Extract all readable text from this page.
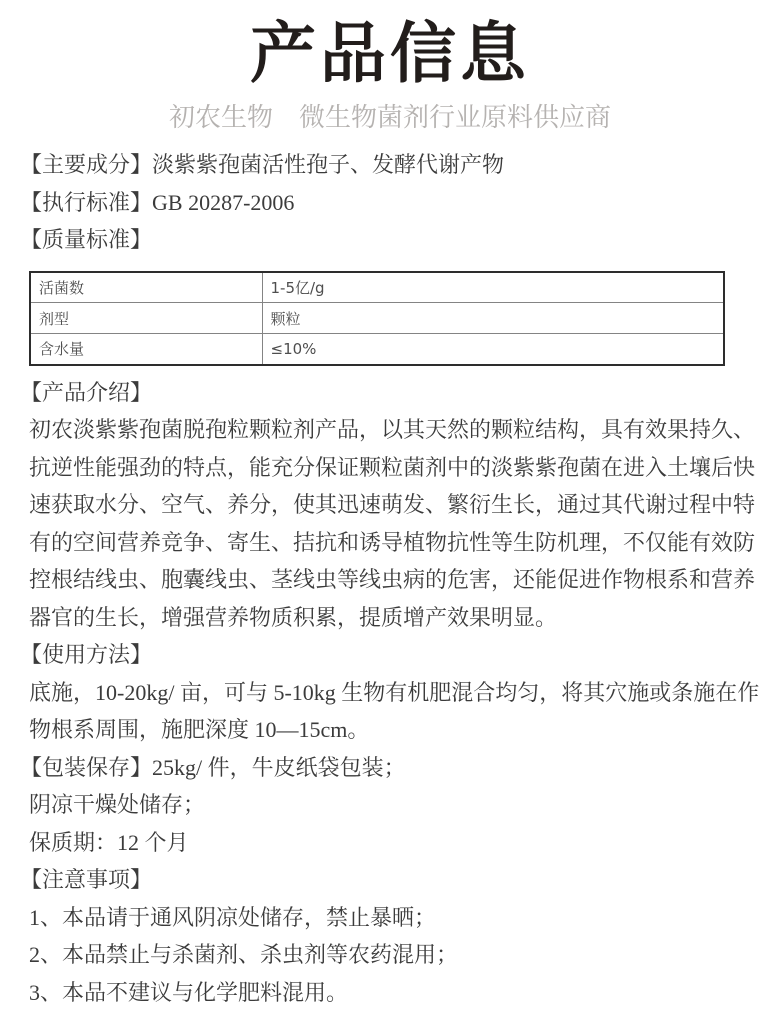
产品信息
初农生物　微生物菌剂行业原料供应商
【主要成分】淡紫紫孢菌活性孢子、发酵代谢产物
【执行标准】GB 20287-2006
【质量标准】
活菌数	1-5亿/g
剂型	颗粒
含水量	≤10%
【产品介绍】
初农淡紫紫孢菌脱孢粒颗粒剂产品，以其天然的颗粒结构，具有效果持久、
抗逆性能强劲的特点，能充分保证颗粒菌剂中的淡紫紫孢菌在进入土壤后快
速获取水分、空气、养分，使其迅速萌发、繁衍生长，通过其代谢过程中特
有的空间营养竞争、寄生、拮抗和诱导植物抗性等生防机理，不仅能有效防
控根结线虫、胞囊线虫、茎线虫等线虫病的危害，还能促进作物根系和营养
器官的生长，增强营养物质积累，提质增产效果明显。
【使用方法】
底施，10-20kg/ 亩，可与 5-10kg 生物有机肥混合均匀，将其穴施或条施在作
物根系周围，施肥深度 10—15cm。
【包装保存】25kg/ 件，牛皮纸袋包装；
阴凉干燥处储存；
保质期：12 个月
【注意事项】
1、本品请于通风阴凉处储存，禁止暴晒；
2、本品禁止与杀菌剂、杀虫剂等农药混用；
3、本品不建议与化学肥料混用。
